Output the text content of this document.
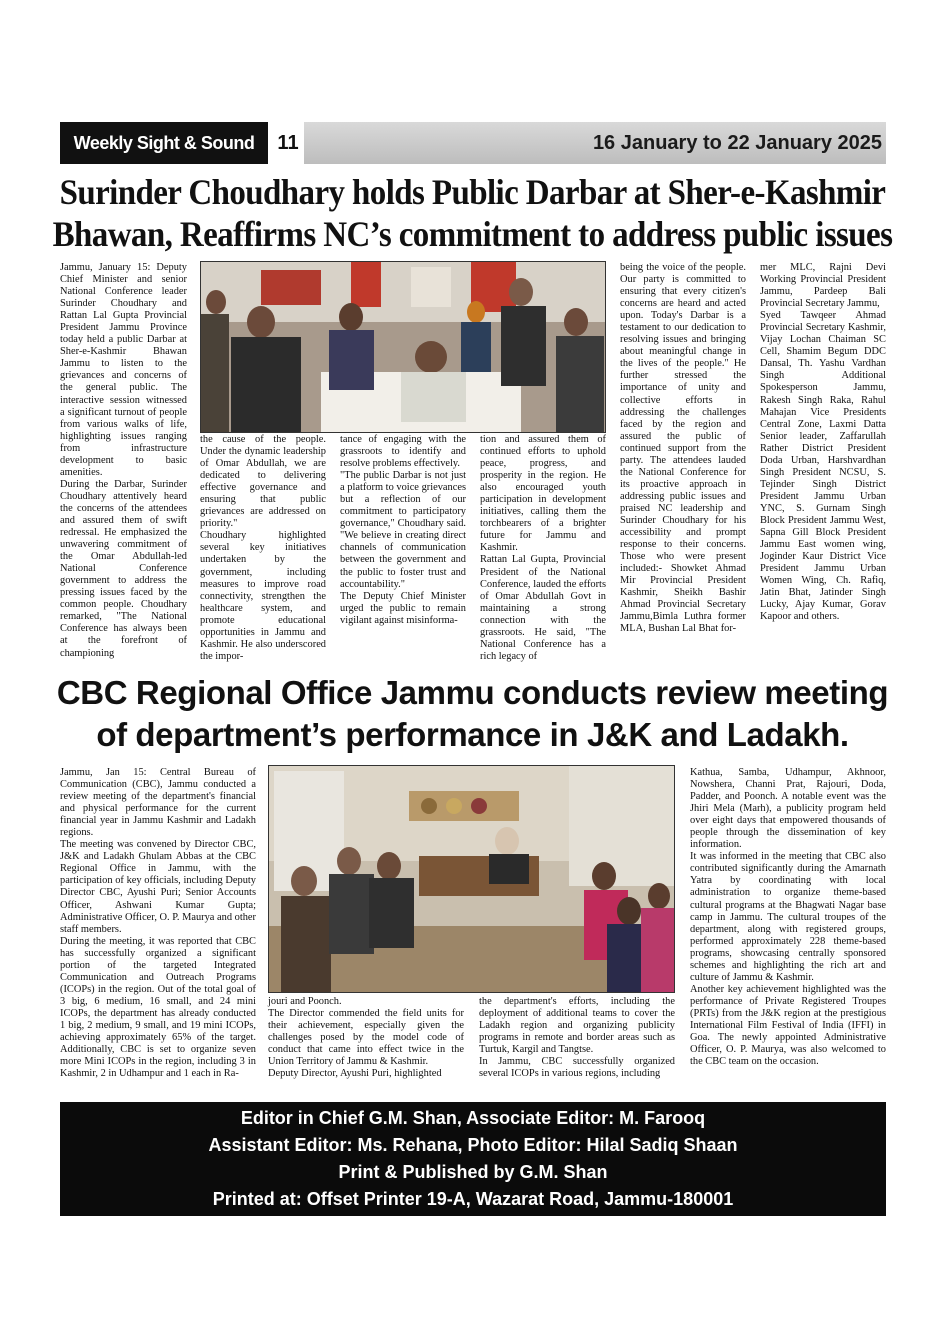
Weekly Sight & Sound	11	16 January to 22 January 2025
Surinder Choudhary holds Public Darbar at Sher-e-Kashmir
Bhawan, Reaffirms NC’s commitment to address public issues

Jammu, January 15: Deputy Chief Minister and senior National Conference leader Surinder Choudhary and Rattan Lal Gupta Provincial President Jammu Province today held a public Darbar at Sher-e-Kashmir Bhawan Jammu to listen to the grievances and concerns of the general public. The interactive session witnessed a significant turnout of people from various walks of life, highlighting issues ranging from infrastructure development to basic amenities.
During the Darbar, Surinder Choudhary attentively heard the concerns of the attendees and assured them of swift redressal. He emphasized the unwavering commitment of the Omar Abdullah-led National Conference government to address the pressing issues faced by the common people. Choudhary remarked, "The National Conference has always been at the forefront of championing

the cause of the people. Under the dynamic leadership of Omar Abdullah, we are dedicated to delivering effective governance and ensuring that public grievances are addressed on priority."
Choudhary highlighted several key initiatives undertaken by the government, including measures to improve road connectivity, strengthen the healthcare system, and promote educational opportunities in Jammu and Kashmir. He also underscored the impor-

tance of engaging with the grassroots to identify and resolve problems effectively.
"The public Darbar is not just a platform to voice grievances but a reflection of our commitment to participatory governance," Choudhary said. "We believe in creating direct channels of communication between the government and the public to foster trust and accountability."
The Deputy Chief Minister urged the public to remain vigilant against misinforma-

tion and assured them of continued efforts to uphold peace, progress, and prosperity in the region. He also encouraged youth participation in development initiatives, calling them the torchbearers of a brighter future for Jammu and Kashmir.
Rattan Lal Gupta, Provincial President of the National Conference, lauded the efforts of Omar Abdullah Govt in maintaining a strong connection with the grassroots. He said, "The National Conference has a rich legacy of

being the voice of the people. Our party is committed to ensuring that every citizen's concerns are heard and acted upon. Today's Darbar is a testament to our dedication to resolving issues and bringing about meaningful change in the lives of the people." He further stressed the importance of unity and collective efforts in addressing the challenges faced by the region and assured the public of continued support from the party. The attendees lauded the National Conference for its proactive approach in addressing public issues and praised NC leadership and Surinder Choudhary for his accessibility and prompt response to their concerns. Those who were present included:- Showket Ahmad Mir Provincial President Kashmir, Sheikh Bashir Ahmad Provincial Secretary Jammu,Bimla Luthra former MLA, Bushan Lal Bhat for-

mer MLC, Rajni Devi Working Provincial President Jammu, Pardeep Bali Provincial Secretary Jammu,
Syed Tawqeer Ahmad Provincial Secretary Kashmir, Vijay Lochan Chaiman SC Cell, Shamim Begum DDC Dansal, Th. Yashu Vardhan Singh Additional Spokesperson Jammu, Rakesh Singh Raka, Rahul Mahajan Vice Presidents Central Zone, Laxmi Datta Senior leader, Zaffarullah Rather District President Doda Urban, Harshvardhan Singh President NCSU, S. Tejinder Singh District President Jammu Urban YNC, S. Gurnam Singh Block President Jammu West, Sapna Gill Block President Jammu East women wing, Joginder Kaur District Vice President Jammu Urban Women Wing, Ch. Rafiq, Jatin Bhat, Jatinder Singh Lucky, Ajay Kumar, Gorav Kapoor and others.

CBC Regional Office Jammu conducts review meeting
of department’s performance in J&K and Ladakh.

Jammu, Jan 15: Central Bureau of Communication (CBC), Jammu conducted a review meeting of the department's financial and physical performance for the current financial year in Jammu Kashmir and Ladakh regions.
The meeting was convened by Director CBC, J&K and Ladakh Ghulam Abbas at the CBC Regional Office in Jammu, with the participation of key officials, including Deputy Director CBC, Ayushi Puri; Senior Accounts Officer, Ashwani Kumar Gupta; Administrative Officer, O. P. Maurya and other staff members.
During the meeting, it was reported that CBC has successfully organized a significant portion of the targeted Integrated Communication and Outreach Programs (ICOPs) in the region. Out of the total goal of 3 big, 6 medium, 16 small, and 24 mini ICOPs, the department has already conducted 1 big, 2 medium, 9 small, and 19 mini ICOPs, achieving approximately 65% of the target. Additionally, CBC is set to organize seven more Mini ICOPs in the region, including 3 in Kashmir, 2 in Udhampur and 1 each in Ra-

jouri and Poonch.
The Director commended the field units for their achievement, especially given the challenges posed by the model code of conduct that came into effect twice in the Union Territory of Jammu & Kashmir.
Deputy Director, Ayushi Puri, highlighted

the department's efforts, including the deployment of additional teams to cover the Ladakh region and organizing publicity programs in remote and border areas such as Turtuk, Kargil and Tangtse.
In Jammu, CBC successfully organized several ICOPs in various regions, including

Kathua, Samba, Udhampur, Akhnoor, Nowshera, Channi Prat, Rajouri, Doda, Padder, and Poonch. A notable event was the Jhiri Mela (Marh), a publicity program held over eight days that empowered thousands of people through the dissemination of key information.
It was informed in the meeting that CBC also contributed significantly during the Amarnath Yatra by coordinating with local administration to organize theme-based cultural programs at the Bhagwati Nagar base camp in Jammu. The cultural troupes of the department, along with registered groups, performed approximately 228 theme-based programs, showcasing centrally sponsored schemes and highlighting the rich art and culture of Jammu & Kashmir.
Another key achievement highlighted was the performance of Private Registered Troupes (PRTs) from the J&K region at the prestigious International Film Festival of India (IFFI) in Goa. The newly appointed Administrative Officer, O. P. Maurya, was also welcomed to the CBC team on the occasion.

Editor in Chief G.M. Shan, Associate Editor: M. Farooq
Assistant Editor: Ms. Rehana, Photo Editor: Hilal Sadiq Shaan
Print & Published by G.M. Shan
Printed at: Offset Printer 19-A, Wazarat Road, Jammu-180001
